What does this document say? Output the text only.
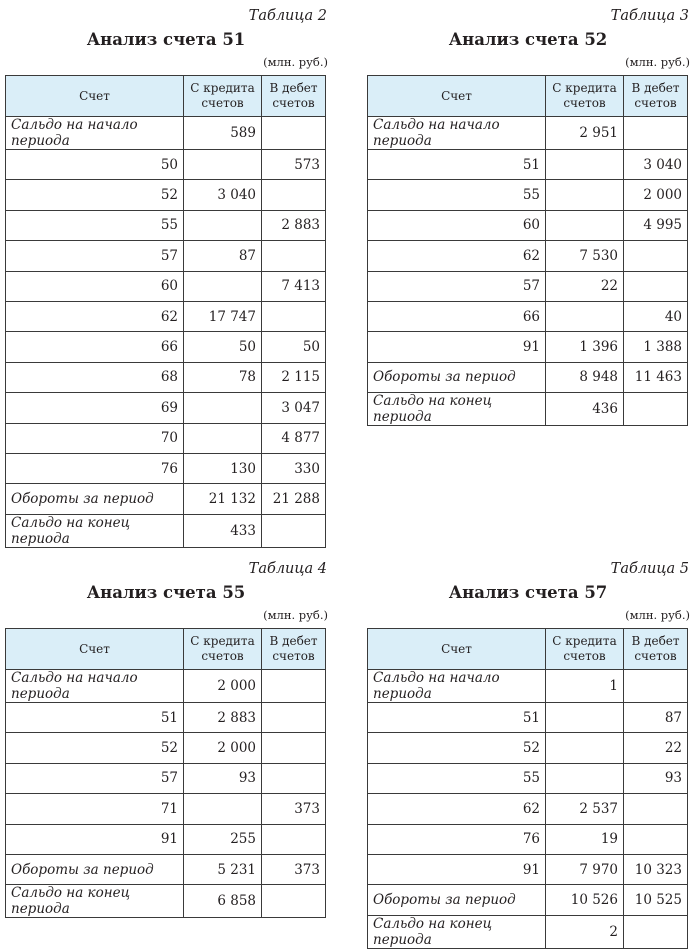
Таблица 2
Анализ счета 51
(млн. руб.)
Счет	С кредита счетов	В дебет счетов
Сальдо на начало периода	589	
50		573
52	3 040	
55		2 883
57	87	
60		7 413
62	17 747	
66	50	50
68	78	2 115
69		3 047
70		4 877
76	130	330
Обороты за период	21 132	21 288
Сальдо на конец периода	433	
Таблица 3
Анализ счета 52
(млн. руб.)
Счет	С кредита счетов	В дебет счетов
Сальдо на начало периода	2 951	
51		3 040
55		2 000
60		4 995
62	7 530	
57	22	
66		40
91	1 396	1 388
Обороты за период	8 948	11 463
Сальдо на конец периода	436	
Таблица 4
Анализ счета 55
(млн. руб.)
Счет	С кредита счетов	В дебет счетов
Сальдо на начало периода	2 000	
51	2 883	
52	2 000	
57	93	
71		373
91	255	
Обороты за период	5 231	373
Сальдо на конец периода	6 858	
Таблица 5
Анализ счета 57
(млн. руб.)
Счет	С кредита счетов	В дебет счетов
Сальдо на начало периода	1	
51		87
52		22
55		93
62	2 537	
76	19	
91	7 970	10 323
Обороты за период	10 526	10 525
Сальдо на конец периода	2	
